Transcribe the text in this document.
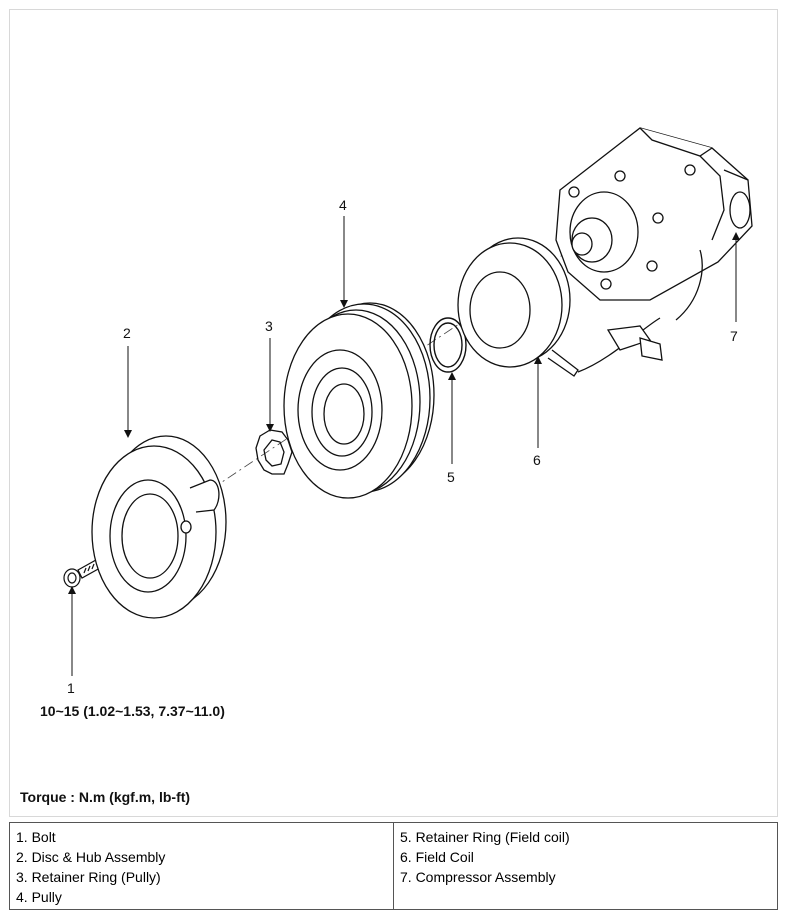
1
2	3
4
5
6
7
10~15 (1.02~1.53, 7.37~11.0)
Torque : N.m (kgf.m, lb-ft)
1. Bolt
2. Disc & Hub Assembly
3. Retainer Ring (Pully)
4. Pully
5. Retainer Ring (Field coil)
6. Field Coil
7. Compressor Assembly
